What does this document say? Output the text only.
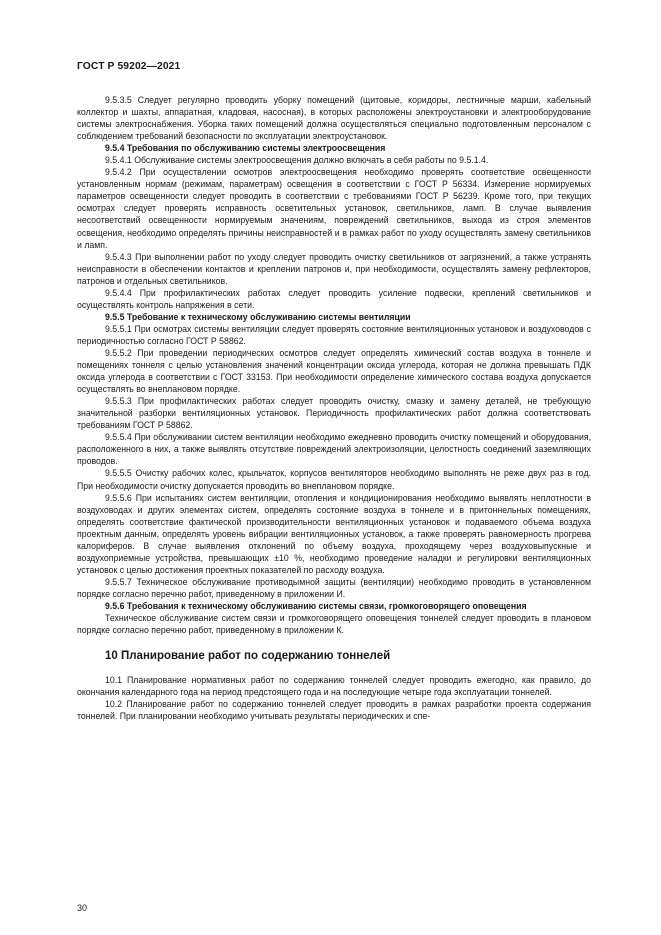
ГОСТ Р 59202—2021

9.5.3.5 Следует регулярно проводить уборку помещений (щитовые, коридоры, лестничные марши, кабельный коллектор и шахты, аппаратная, кладовая, насосная), в которых расположены электроустановки и электрооборудование системы электроснабжения. Уборка таких помещений должна осуществляться специально подготовленным персоналом с соблюдением требований безопасности по эксплуатации электроустановок.

9.5.4 Требования по обслуживанию системы электроосвещения

9.5.4.1 Обслуживание системы электроосвещения должно включать в себя работы по 9.5.1.4.

9.5.4.2 При осуществлении осмотров электроосвещения необходимо проверять соответствие освещенности установленным нормам (режимам, параметрам) освещения в соответствии с ГОСТ Р 56334. Измерение нормируемых параметров освещенности следует проводить в соответствии с требованиями ГОСТ Р 56239. Кроме того, при текущих осмотрах следует проверять исправность осветительных установок, светильников, ламп. В случае выявления несоответствий освещенности нормируемым значениям, повреждений светильников, выхода из строя элементов освещения, необходимо определять причины неисправностей и в рамках работ по уходу осуществлять замену светильников и ламп.

9.5.4.3 При выполнении работ по уходу следует проводить очистку светильников от загрязнений, а также устранять неисправности в обеспечении контактов и креплении патронов и, при необходимости, осуществлять замену рефлекторов, патронов и отдельных светильников.

9.5.4.4 При профилактических работах следует проводить усиление подвески, креплений светильников и осуществлять контроль напряжения в сети.

9.5.5 Требование к техническому обслуживанию системы вентиляции

9.5.5.1 При осмотрах системы вентиляции следует проверять состояние вентиляционных установок и воздуховодов с периодичностью согласно ГОСТ Р 58862.

9.5.5.2 При проведении периодических осмотров следует определять химический состав воздуха в тоннеле и помещениях тоннеля с целью установления значений концентрации оксида углерода, которая не должна превышать ПДК оксида углерода в соответствии с ГОСТ 33153. При необходимости определение химического состава воздуха допускается осуществлять во внеплановом порядке.

9.5.5.3 При профилактических работах следует проводить очистку, смазку и замену деталей, не требующую значительной разборки вентиляционных установок. Периодичность профилактических работ должна соответствовать требованиям ГОСТ Р 58862.

9.5.5.4 При обслуживании систем вентиляции необходимо ежедневно проводить очистку помещений и оборудования, расположенного в них, а также выявлять отсутствие повреждений электроизоляции, целостность соединений заземляющих проводов.

9.5.5.5 Очистку рабочих колес, крыльчаток, корпусов вентиляторов необходимо выполнять не реже двух раз в год. При необходимости очистку допускается проводить во внеплановом порядке.

9.5.5.6 При испытаниях систем вентиляции, отопления и кондиционирования необходимо выявлять неплотности в воздуховодах и других элементах систем, определять состояние воздуха в тоннеле и в притоннельных помещениях, определять соответствие фактической производительности вентиляционных установок и подаваемого объема воздуха проектным данным, определять уровень вибрации вентиляционных установок, а также проверять равномерность прогрева калориферов. В случае выявления отклонений по объему воздуха, проходящему через воздуховыпускные и воздухоприемные устройства, превышающих ±10 %, необходимо проведение наладки и регулировки вентиляционных установок с целью достижения проектных показателей по расходу воздуха.

9.5.5.7 Техническое обслуживание противодымной защиты (вентиляции) необходимо проводить в установленном порядке согласно перечню работ, приведенному в приложении И.

9.5.6 Требования к техническому обслуживанию системы связи, громкоговорящего оповещения

Техническое обслуживание систем связи и громкоговорящего оповещения тоннелей следует проводить в плановом порядке согласно перечню работ, приведенному в приложении К.

10 Планирование работ по содержанию тоннелей

10.1 Планирование нормативных работ по содержанию тоннелей следует проводить ежегодно, как правило, до окончания календарного года на период предстоящего года и на последующие четыре года эксплуатации тоннелей.

10.2 Планирование работ по содержанию тоннелей следует проводить в рамках разработки проекта содержания тоннелей. При планировании необходимо учитывать результаты периодических и спе-

30
